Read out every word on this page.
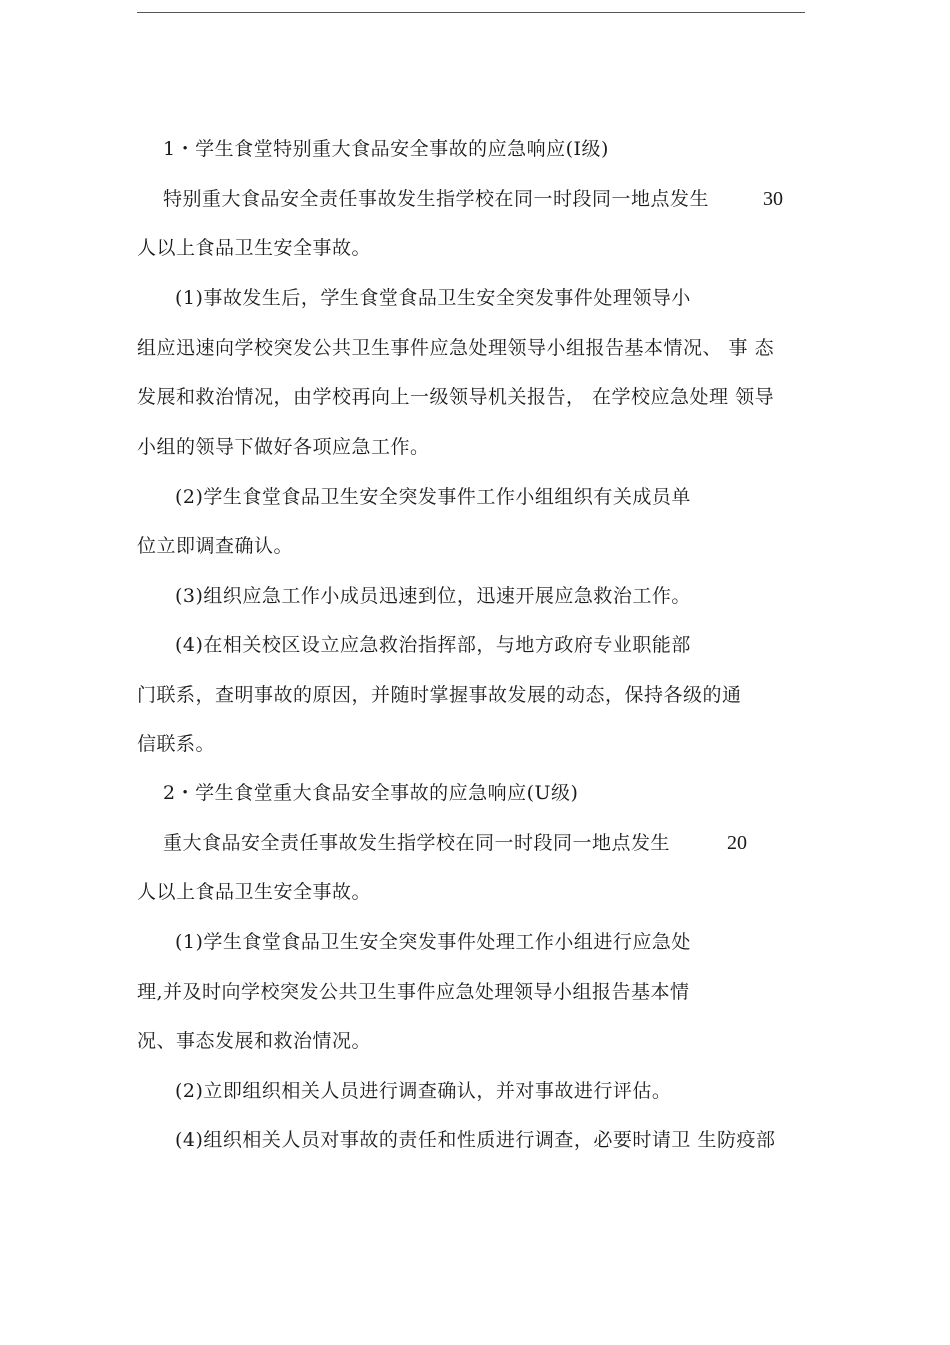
1・学生食堂特别重大食品安全事故的应急响应(I级)
特别重大食品安全责任事故发生指学校在同一时段同一地点发生	30
人以上食品卫生安全事故。
(1)事故发生后，学生食堂食品卫生安全突发事件处理领导小
组应迅速向学校突发公共卫生事件应急处理领导小组报告基本情况、 事 态
发展和救治情况，由学校再向上一级领导机关报告， 在学校应急处理 领导
小组的领导下做好各项应急工作。
(2)学生食堂食品卫生安全突发事件工作小组组织有关成员单
位立即调查确认。
(3)组织应急工作小成员迅速到位，迅速开展应急救治工作。
(4)在相关校区设立应急救治指挥部，与地方政府专业职能部
门联系，查明事故的原因，并随时掌握事故发展的动态，保持各级的通
信联系。
2・学生食堂重大食品安全事故的应急响应(U级)
重大食品安全责任事故发生指学校在同一时段同一地点发生	20
人以上食品卫生安全事故。
(1)学生食堂食品卫生安全突发事件处理工作小组进行应急处
理,并及时向学校突发公共卫生事件应急处理领导小组报告基本情
况、事态发展和救治情况。
(2)立即组织相关人员进行调查确认，并对事故进行评估。
(4)组织相关人员对事故的责任和性质进行调查，必要时请卫 生防疫部
